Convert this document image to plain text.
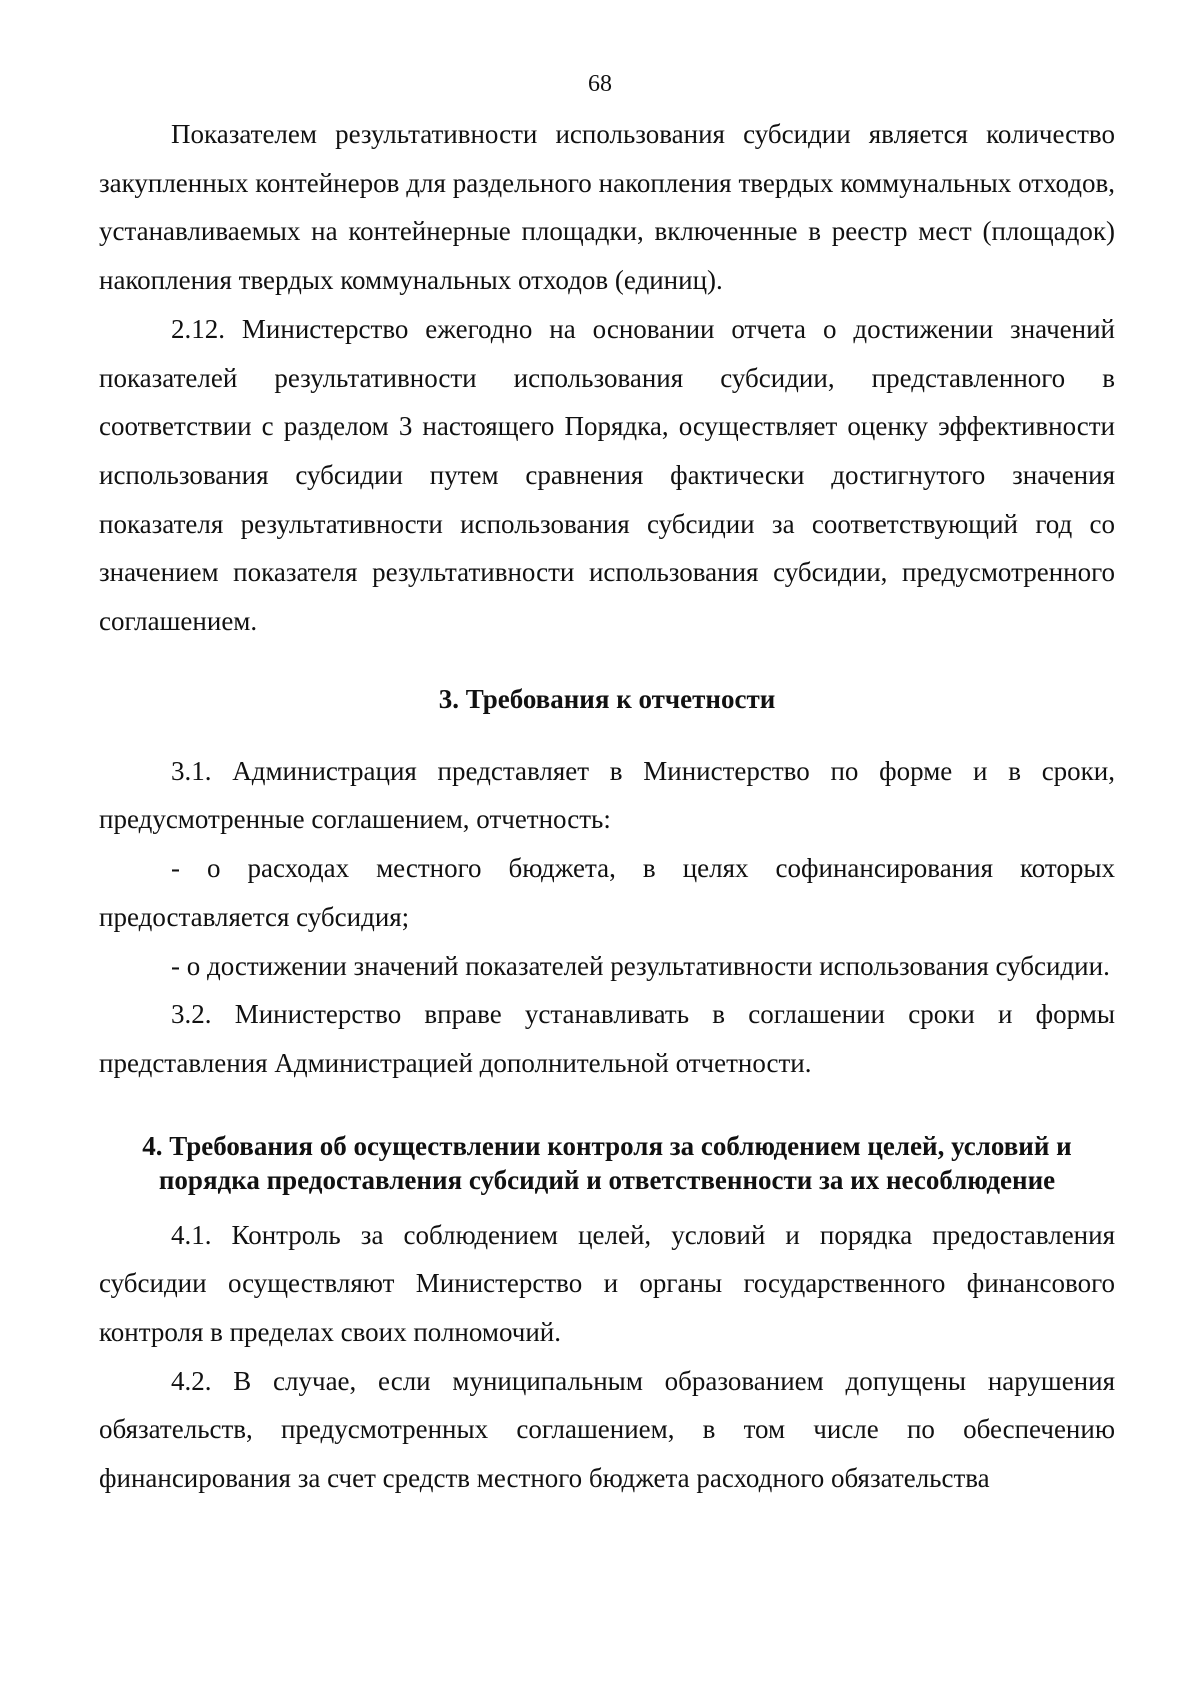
68

Показателем результативности использования субсидии является количество закупленных контейнеров для раздельного накопления твердых коммунальных отходов, устанавливаемых на контейнерные площадки, включенные в реестр мест (площадок) накопления твердых коммунальных отходов (единиц).

2.12. Министерство ежегодно на основании отчета о достижении значений показателей результативности использования субсидии, представленного в соответствии с разделом 3 настоящего Порядка, осуществляет оценку эффективности использования субсидии путем сравнения фактически достигнутого значения показателя результативности использования субсидии за соответствующий год со значением показателя результативности использования субсидии, предусмотренного соглашением.

3. Требования к отчетности

3.1. Администрация представляет в Министерство по форме и в сроки, предусмотренные соглашением, отчетность:

- о расходах местного бюджета, в целях софинансирования которых предоставляется субсидия;

- о достижении значений показателей результативности использования субсидии.

3.2. Министерство вправе устанавливать в соглашении сроки и формы представления Администрацией дополнительной отчетности.

4. Требования об осуществлении контроля за соблюдением целей, условий и

порядка предоставления субсидий и ответственности за их несоблюдение

4.1. Контроль за соблюдением целей, условий и порядка предоставления субсидии осуществляют Министерство и органы государственного финансового контроля в пределах своих полномочий.

4.2. В случае, если муниципальным образованием допущены нарушения обязательств, предусмотренных соглашением, в том числе по обеспечению финансирования за счет средств местного бюджета расходного обязательства
